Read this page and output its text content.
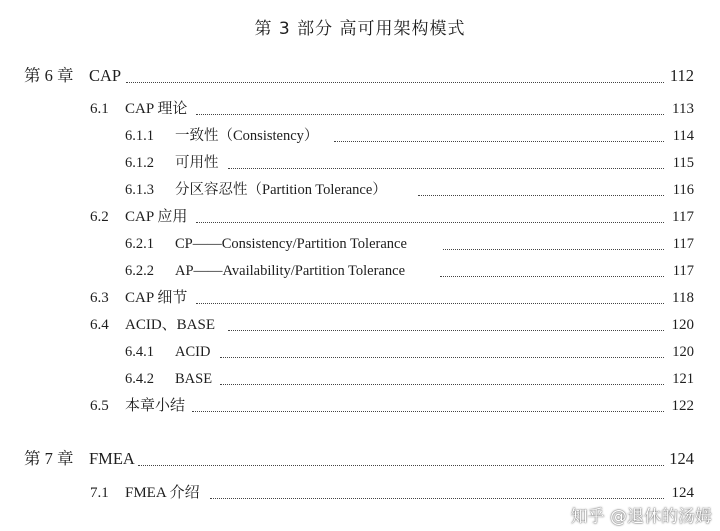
第 3 部分 高可用架构模式
第 6 章 CAP	112
6.1 CAP 理论	113
6.1.1 一致性（Consistency）	114
6.1.2 可用性	115
6.1.3 分区容忍性（Partition Tolerance）	116
6.2 CAP 应用	117
6.2.1 CP——Consistency/Partition Tolerance	117
6.2.2 AP——Availability/Partition Tolerance	117
6.3 CAP 细节	118
6.4 ACID、BASE	120
6.4.1 ACID	120
6.4.2 BASE	121
6.5 本章小结	122
第 7 章 FMEA	124
7.1 FMEA 介绍	124
知乎 @退休的汤姆
